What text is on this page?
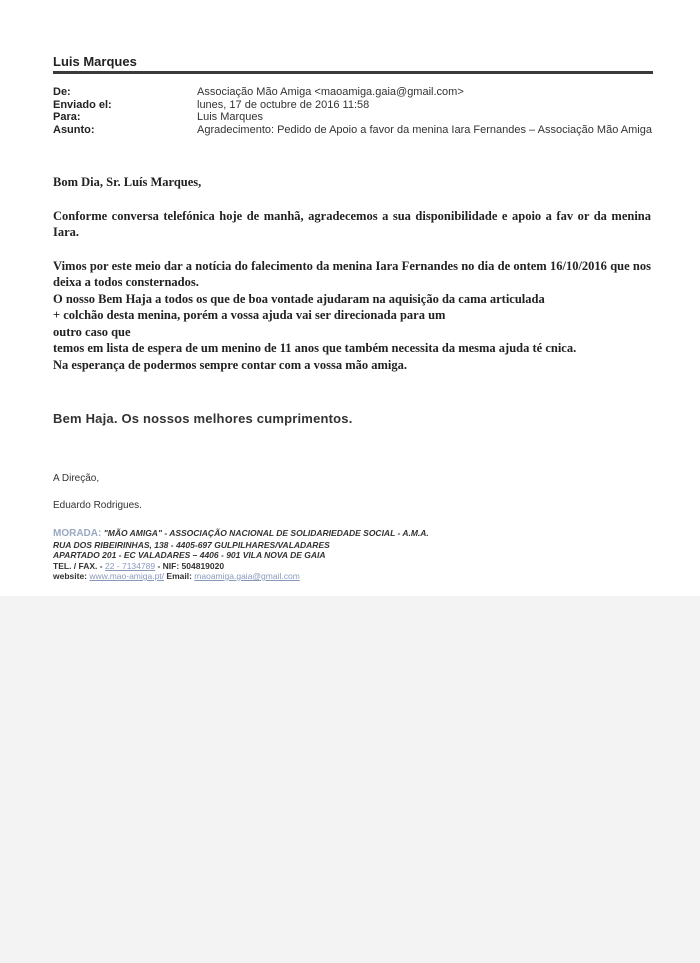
Luis Marques
De:	Associação Mão Amiga <maoamiga.gaia@gmail.com>
Enviado el:	lunes, 17 de octubre de 2016 11:58
Para:	Luis Marques
Asunto:	Agradecimento: Pedido de Apoio a favor da menina Iara Fernandes – Associação Mão Amiga

Bom Dia, Sr. Luís Marques,

Conforme conversa telefónica hoje de manhã, agradecemos a sua disponibilidade e apoio a fav or da menina Iara.

Vimos por este meio dar a notícia do falecimento da menina Iara Fernandes no dia de ontem 16/10/2016 que nos deixa a todos consternados.

O nosso Bem Haja a todos os que de boa vontade ajudaram na aquisição da cama articulada

+ colchão desta menina, porém a vossa ajuda vai ser direcionada para um

outro caso que

temos em lista de espera de um menino de 11 anos que também necessita da mesma ajuda té cnica.

Na esperança de podermos sempre contar com a vossa mão amiga.

Bem Haja. Os nossos melhores cumprimentos.
A Direção,
Eduardo Rodrigues.
MORADA: "MÃO AMIGA" - ASSOCIAÇÃO NACIONAL DE SOLIDARIEDADE SOCIAL - A.M.A.
RUA DOS RIBEIRINHAS, 138 - 4405-697 GULPILHARES/VALADARES
APARTADO 201 - EC VALADARES – 4406 - 901 VILA NOVA DE GAIA
TEL. / FAX. - 22 - 7134789 - NIF: 504819020
website: www.mao-amiga.pt/ Email: maoamiga.gaia@gmail.com
